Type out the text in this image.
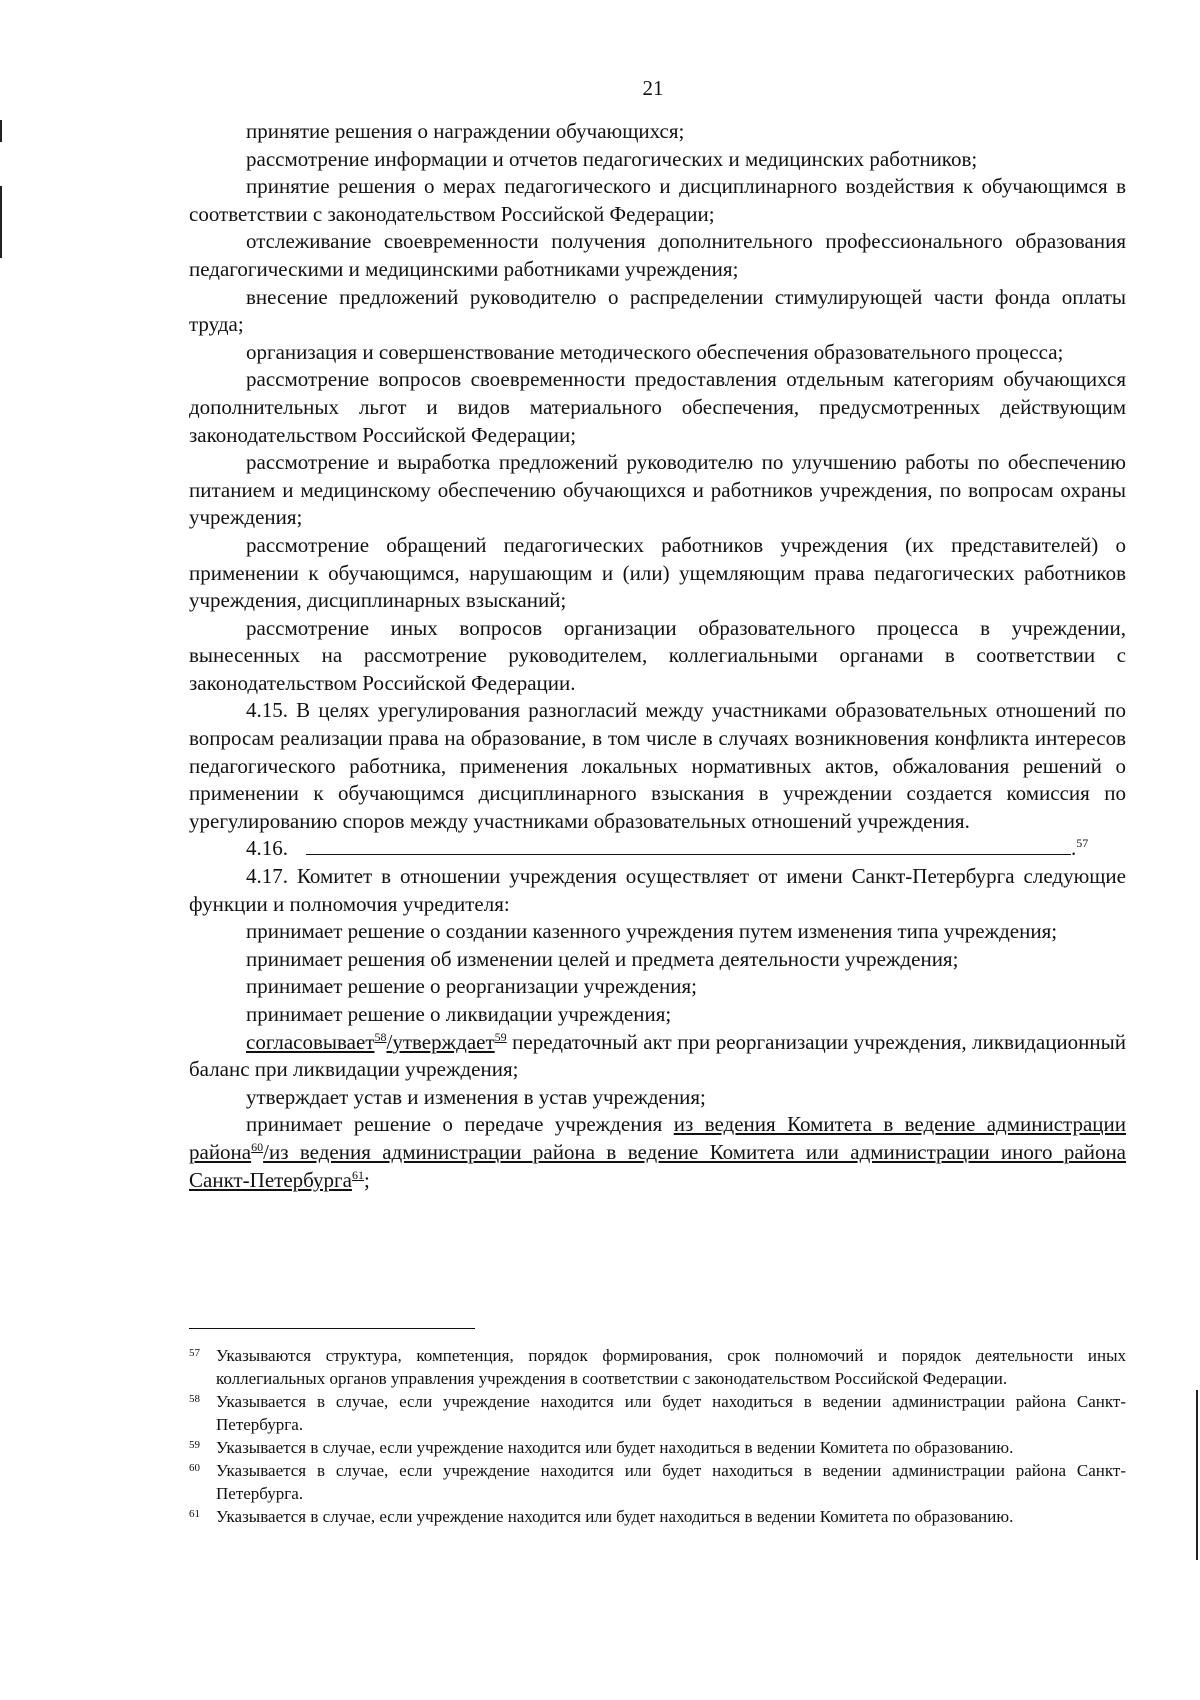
21

принятие решения о награждении обучающихся;

рассмотрение информации и отчетов педагогических и медицинских работников;

принятие решения о мерах педагогического и дисциплинарного воздействия к обучающимся в соответствии с законодательством Российской Федерации;

отслеживание своевременности получения дополнительного профессионального образования педагогическими и медицинскими работниками учреждения;

внесение предложений руководителю о распределении стимулирующей части фонда оплаты труда;

организация и совершенствование методического обеспечения образовательного процесса;

рассмотрение вопросов своевременности предоставления отдельным категориям обучающихся дополнительных льгот и видов материального обеспечения, предусмотренных действующим законодательством Российской Федерации;

рассмотрение и выработка предложений руководителю по улучшению работы по обеспечению питанием и медицинскому обеспечению обучающихся и работников учреждения, по вопросам охраны учреждения;

рассмотрение обращений педагогических работников учреждения (их представителей) о применении к обучающимся, нарушающим и (или) ущемляющим права педагогических работников учреждения, дисциплинарных взысканий;

рассмотрение иных вопросов организации образовательного процесса в учреждении, вынесенных на рассмотрение руководителем, коллегиальными органами в соответствии с законодательством Российской Федерации.

4.15. В целях урегулирования разногласий между участниками образовательных отношений по вопросам реализации права на образование, в том числе в случаях возникновения конфликта интересов педагогического работника, применения локальных нормативных актов, обжалования решений о применении к обучающимся дисциплинарного взыскания в учреждении создается комиссия по урегулированию споров между участниками образовательных отношений учреждения.

4.16.	.$^{57}$

4.17. Комитет в отношении учреждения осуществляет от имени Санкт-Петербурга следующие функции и полномочия учредителя:

принимает решение о создании казенного учреждения путем изменения типа учреждения;

принимает решения об изменении целей и предмета деятельности учреждения;

принимает решение о реорганизации учреждения;

принимает решение о ликвидации учреждения;

согласовывает$^{58}$/утверждает$^{59}$ передаточный акт при реорганизации учреждения, ликвидационный баланс при ликвидации учреждения;

утверждает устав и изменения в устав учреждения;

принимает решение о передаче учреждения из ведения Комитета в ведение администрации района$^{60}$/из ведения администрации района в ведение Комитета или администрации иного района Санкт-Петербурга$^{61}$;

57 Указываются структура, компетенция, порядок формирования, срок полномочий и порядок деятельности иных коллегиальных органов управления учреждения в соответствии с законодательством Российской Федерации.
58 Указывается в случае, если учреждение находится или будет находиться в ведении администрации района Санкт-Петербурга.
59 Указывается в случае, если учреждение находится или будет находиться в ведении Комитета по образованию.
60 Указывается в случае, если учреждение находится или будет находиться в ведении администрации района Санкт-Петербурга.
61 Указывается в случае, если учреждение находится или будет находиться в ведении Комитета по образованию.
